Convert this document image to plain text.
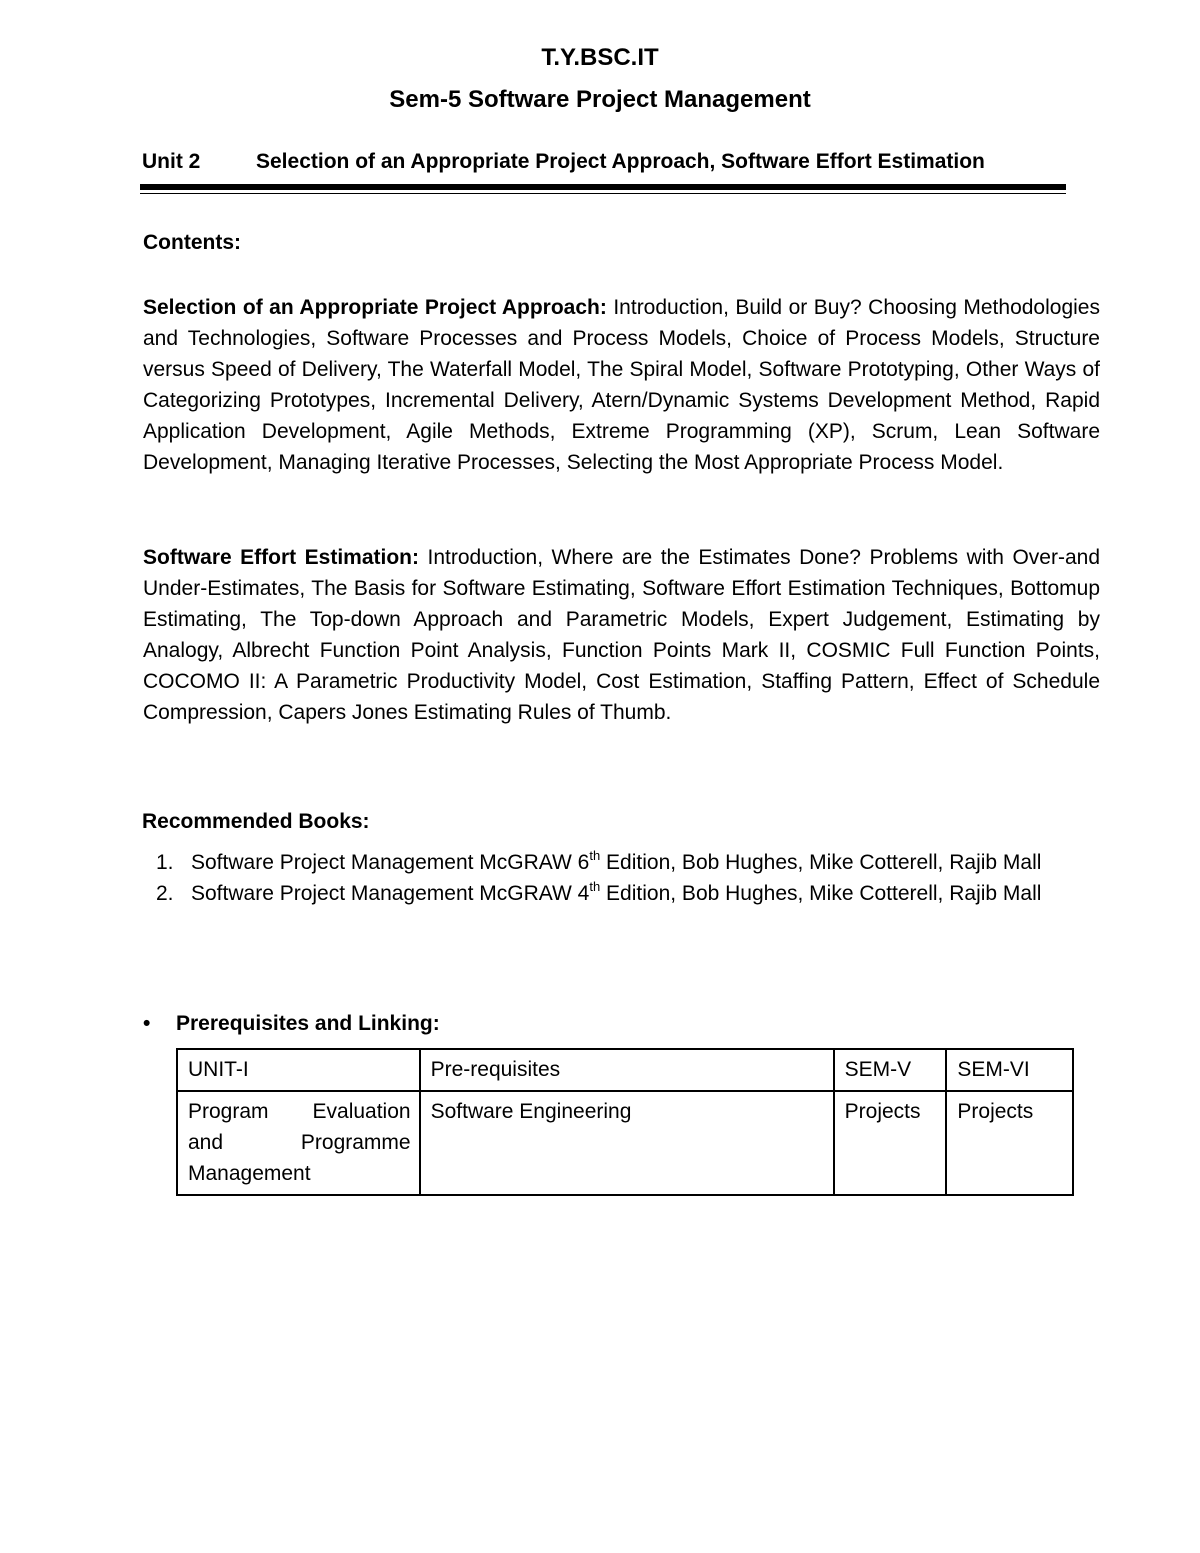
T.Y.BSC.IT
Sem-5 Software Project Management
Unit 2	Selection of an Appropriate Project Approach, Software Effort Estimation
Contents:

Selection of an Appropriate Project Approach: Introduction, Build or Buy? Choosing Methodologies and Technologies, Software Processes and Process Models, Choice of Process Models, Structure versus Speed of Delivery, The Waterfall Model, The Spiral Model, Software Prototyping, Other Ways of Categorizing Prototypes, Incremental Delivery, Atern/Dynamic Systems Development Method, Rapid Application Development, Agile Methods, Extreme Programming (XP), Scrum, Lean Software Development, Managing Iterative Processes, Selecting the Most Appropriate Process Model.

Software Effort Estimation: Introduction, Where are the Estimates Done? Problems with Over-and Under-Estimates, The Basis for Software Estimating, Software Effort Estimation Techniques, Bottomup Estimating, The Top-down Approach and Parametric Models, Expert Judgement, Estimating by Analogy, Albrecht Function Point Analysis, Function Points Mark II, COSMIC Full Function Points, COCOMO II: A Parametric Productivity Model, Cost Estimation, Staffing Pattern, Effect of Schedule Compression, Capers Jones Estimating Rules of Thumb.

Recommended Books:
1. Software Project Management McGRAW 6th Edition, Bob Hughes, Mike Cotterell, Rajib Mall
2. Software Project Management McGRAW 4th Edition, Bob Hughes, Mike Cotterell, Rajib Mall
• Prerequisites and Linking:
UNIT-I	Pre-requisites	SEM-V	SEM-VI
Program Evaluation and Programme Management	Software Engineering	Projects	Projects
